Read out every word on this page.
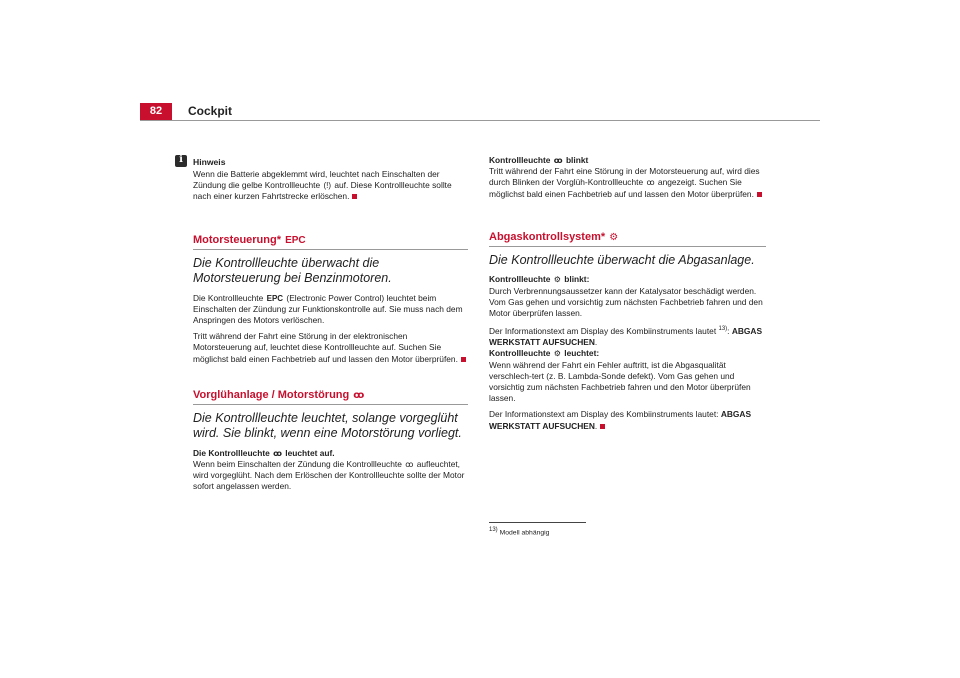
82	Cockpit
i
Hinweis

Wenn die Batterie abgeklemmt wird, leuchtet nach Einschalten der Zündung die gelbe Kontrollleuchte (!) auf. Diese Kontrollleuchte sollte nach einer kurzen Fahrtstrecke erlöschen.

Motorsteuerung* EPC
Die Kontrollleuchte überwacht die Motorsteuerung bei Benzinmotoren.

Die Kontrollleuchte EPC (Electronic Power Control) leuchtet beim Einschalten der Zündung zur Funktionskontrolle auf. Sie muss nach dem Anspringen des Motors verlöschen.

Tritt während der Fahrt eine Störung in der elektronischen Motorsteuerung auf, leuchtet diese Kontrollleuchte auf. Suchen Sie möglichst bald einen Fachbetrieb auf und lassen den Motor überprüfen.

Vorglühanlage / Motorstörung ꝏ
Die Kontrollleuchte leuchtet, solange vorgeglüht wird. Sie blinkt, wenn eine Motorstörung vorliegt.

Die Kontrollleuchte ꝏ leuchtet auf.

Wenn beim Einschalten der Zündung die Kontrollleuchte ꝏ aufleuchtet, wird vorgeglüht. Nach dem Erlöschen der Kontrollleuchte sollte der Motor sofort angelassen werden.

Kontrollleuchte ꝏ blinkt

Tritt während der Fahrt eine Störung in der Motorsteuerung auf, wird dies durch Blinken der Vorglüh-Kontrollleuchte ꝏ angezeigt. Suchen Sie möglichst bald einen Fachbetrieb auf und lassen den Motor überprüfen.

Abgaskontrollsystem* ⚙
Die Kontrollleuchte überwacht die Abgasanlage.

Kontrollleuchte ⚙ blinkt:

Durch Verbrennungsaussetzer kann der Katalysator beschädigt werden. Vom Gas gehen und vorsichtig zum nächsten Fachbetrieb fahren und den Motor überprüfen lassen.

Der Informationstext am Display des Kombiinstruments lautet $^{13)}$: ABGAS WERKSTATT AUFSUCHEN.

Kontrollleuchte ⚙ leuchtet:

Wenn während der Fahrt ein Fehler auftritt, ist die Abgasqualität verschlech-tert (z. B. Lambda-Sonde defekt). Vom Gas gehen und vorsichtig zum nächsten Fachbetrieb fahren und den Motor überprüfen lassen.

Der Informationstext am Display des Kombiinstruments lautet: ABGAS WERKSTATT AUFSUCHEN.

$^{13)}$ Modell abhängig
